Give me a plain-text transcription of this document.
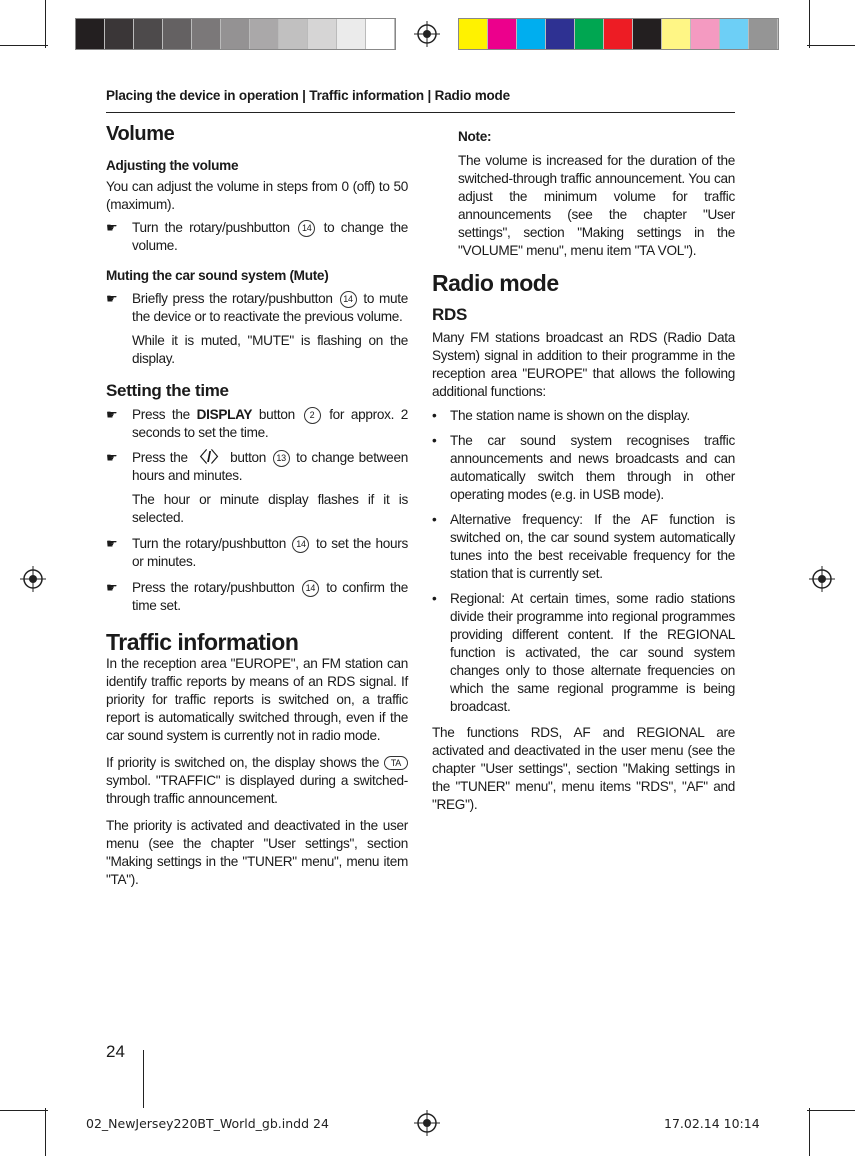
Placing the device in operation | Traffic information | Radio mode
Volume
Adjusting the volume

You can adjust the volume in steps from 0 (off) to 50 (maximum).

☛ Turn the rotary/pushbutton 14 to change the volume.
Muting the car sound system (Mute)
☛ Briefly press the rotary/pushbutton 14 to mute the device or to reactivate the previous volume.
While it is muted, "MUTE" is flashing on the display.
Setting the time
☛ Press the DISPLAY button 2 for approx. 2 seconds to set the time.
☛ Press the 〈/〉 button 13 to change between hours and minutes.
The hour or minute display flashes if it is selected.
☛ Turn the rotary/pushbutton 14 to set the hours or minutes.
☛ Press the rotary/pushbutton 14 to confirm the time set.
Traffic information

In the reception area "EUROPE", an FM station can identify traffic reports by means of an RDS signal. If priority for traffic reports is switched on, a traffic report is automatically switched through, even if the car sound system is currently not in radio mode.

If priority is switched on, the display shows the TA symbol. "TRAFFIC" is displayed during a switched-through traffic announcement.

The priority is activated and deactivated in the user menu (see the chapter "User settings", section "Making settings in the "TUNER" menu", menu item "TA").

Note:

The volume is increased for the duration of the switched-through traffic announcement. You can adjust the minimum volume for traffic announcements (see the chapter "User settings", section "Making settings in the "VOLUME" menu", menu item "TA VOL").

Radio mode
RDS

Many FM stations broadcast an RDS (Radio Data System) signal in addition to their programme in the reception area "EUROPE" that allows the following additional functions:

• The station name is shown on the display.
• The car sound system recognises traffic announcements and news broadcasts and can automatically switch them through in other operating modes (e.g. in USB mode).
• Alternative frequency: If the AF function is switched on, the car sound system automatically tunes into the best receivable frequency for the station that is currently set.
• Regional: At certain times, some radio stations divide their programme into regional programmes providing different content. If the REGIONAL function is activated, the car sound system changes only to those alternate frequencies on which the same regional programme is being broadcast.

The functions RDS, AF and REGIONAL are activated and deactivated in the user menu (see the chapter "User settings", section "Making settings in the "TUNER" menu", menu items "RDS", "AF" and "REG").

24
02_NewJersey220BT_World_gb.indd 24	17.02.14 10:14
